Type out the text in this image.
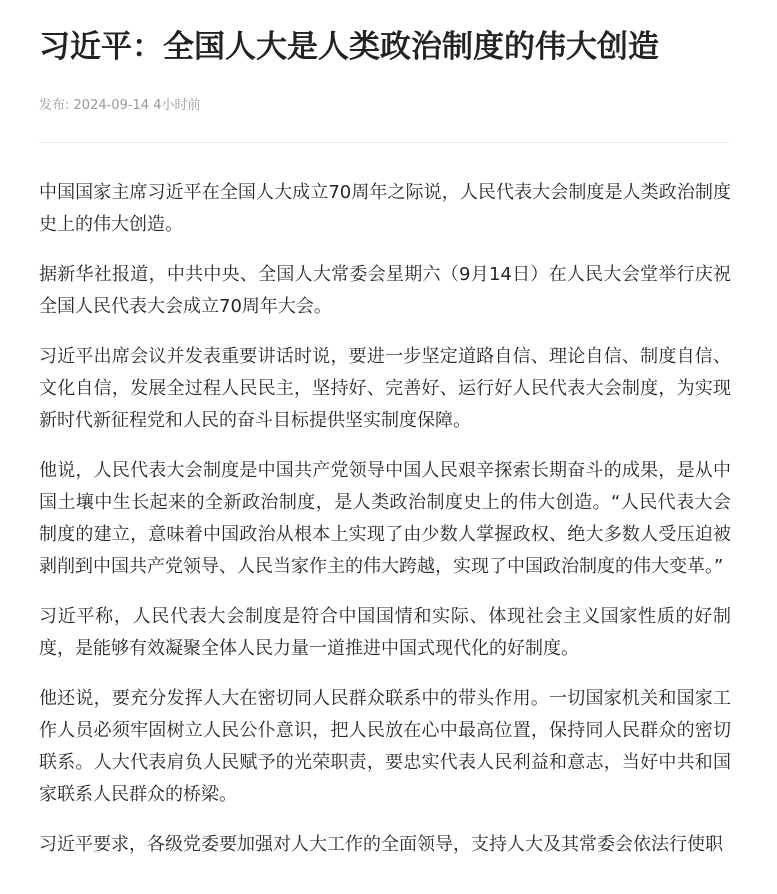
习近平：全国人大是人类政治制度的伟大创造
发布: 2024-09-14 4小时前

中国国家主席习近平在全国人大成立70周年之际说，人民代表大会制度是人类政治制度史上的伟大创造。

据新华社报道，中共中央、全国人大常委会星期六（9月14日）在人民大会堂举行庆祝全国人民代表大会成立70周年大会。

习近平出席会议并发表重要讲话时说，要进一步坚定道路自信、理论自信、制度自信、文化自信，发展全过程人民民主，坚持好、完善好、运行好人民代表大会制度，为实现新时代新征程党和人民的奋斗目标提供坚实制度保障。

他说，人民代表大会制度是中国共产党领导中国人民艰辛探索长期奋斗的成果，是从中国土壤中生长起来的全新政治制度，是人类政治制度史上的伟大创造。“人民代表大会制度的建立，意味着中国政治从根本上实现了由少数人掌握政权、绝大多数人受压迫被剥削到中国共产党领导、人民当家作主的伟大跨越，实现了中国政治制度的伟大变革。”

习近平称，人民代表大会制度是符合中国国情和实际、体现社会主义国家性质的好制度，是能够有效凝聚全体人民力量一道推进中国式现代化的好制度。

他还说，要充分发挥人大在密切同人民群众联系中的带头作用。一切国家机关和国家工作人员必须牢固树立人民公仆意识，把人民放在心中最高位置，保持同人民群众的密切联系。人大代表肩负人民赋予的光荣职责，要忠实代表人民利益和意志，当好中共和国家联系人民群众的桥梁。

习近平要求，各级党委要加强对人大工作的全面领导，支持人大及其常委会依法行使职
